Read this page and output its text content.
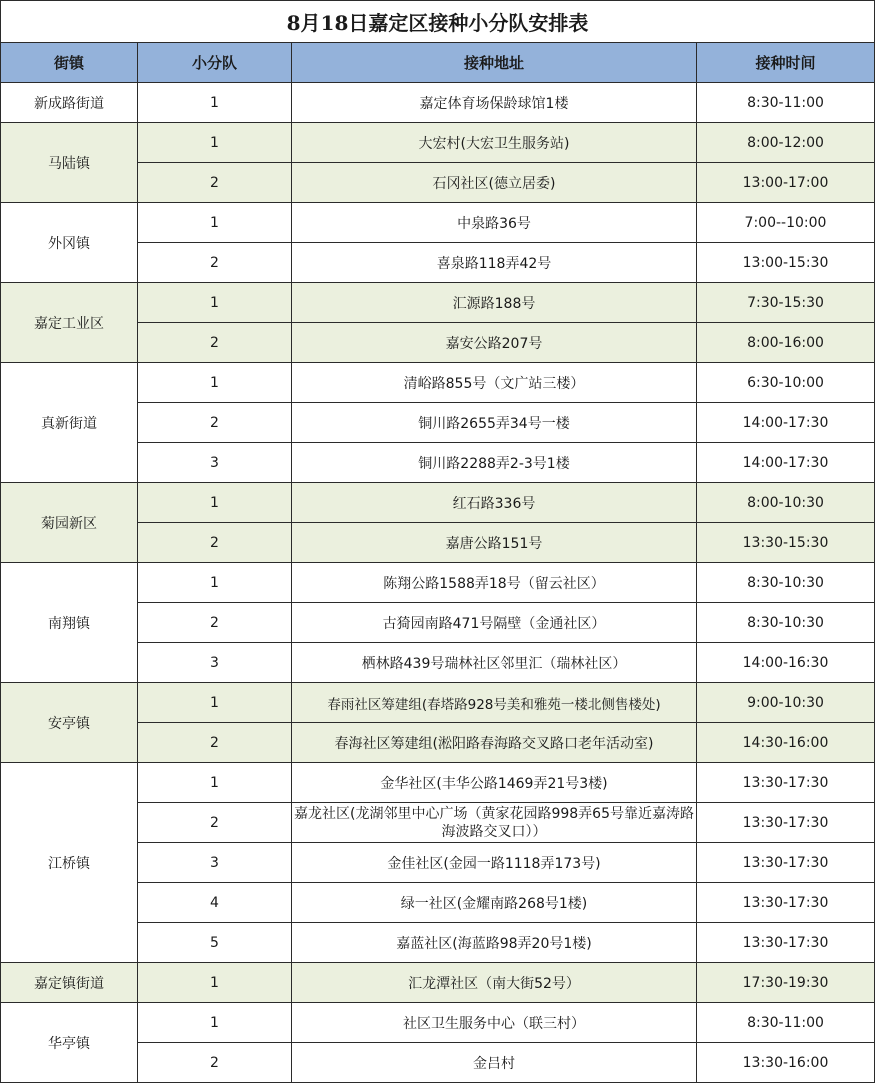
8月18日嘉定区接种小分队安排表			
街镇	小分队	接种地址	接种时间
新成路街道	1	嘉定体育场保龄球馆1楼	8:30-11:00
马陆镇	1	大宏村(大宏卫生服务站)	8:00-12:00
	2	石冈社区(德立居委)	13:00-17:00
外冈镇	1	中泉路36号	7:00--10:00
	2	喜泉路118弄42号	13:00-15:30
嘉定工业区	1	汇源路188号	7:30-15:30
	2	嘉安公路207号	8:00-16:00
真新街道	1	清峪路855号（文广站三楼）	6:30-10:00
	2	铜川路2655弄34号一楼	14:00-17:30
	3	铜川路2288弄2-3号1楼	14:00-17:30
菊园新区	1	红石路336号	8:00-10:30
	2	嘉唐公路151号	13:30-15:30
南翔镇	1	陈翔公路1588弄18号（留云社区）	8:30-10:30
	2	古猗园南路471号隔壁（金通社区）	8:30-10:30
	3	栖林路439号瑞林社区邻里汇（瑞林社区）	14:00-16:30
安亭镇	1	春雨社区筹建组(春塔路928号美和雅苑一楼北侧售楼处)	9:00-10:30
	2	春海社区筹建组(淞阳路春海路交叉路口老年活动室)	14:30-16:00
江桥镇	1	金华社区(丰华公路1469弄21号3楼)	13:30-17:30
	2	嘉龙社区(龙湖邻里中心广场（黄家花园路998弄65号靠近嘉涛路海波路交叉口））	13:30-17:30
	3	金佳社区(金园一路1118弄173号)	13:30-17:30
	4	绿一社区(金耀南路268号1楼)	13:30-17:30
	5	嘉蓝社区(海蓝路98弄20号1楼)	13:30-17:30
嘉定镇街道	1	汇龙潭社区（南大街52号）	17:30-19:30
华亭镇	1	社区卫生服务中心（联三村）	8:30-11:00
	2	金吕村	13:30-16:00
